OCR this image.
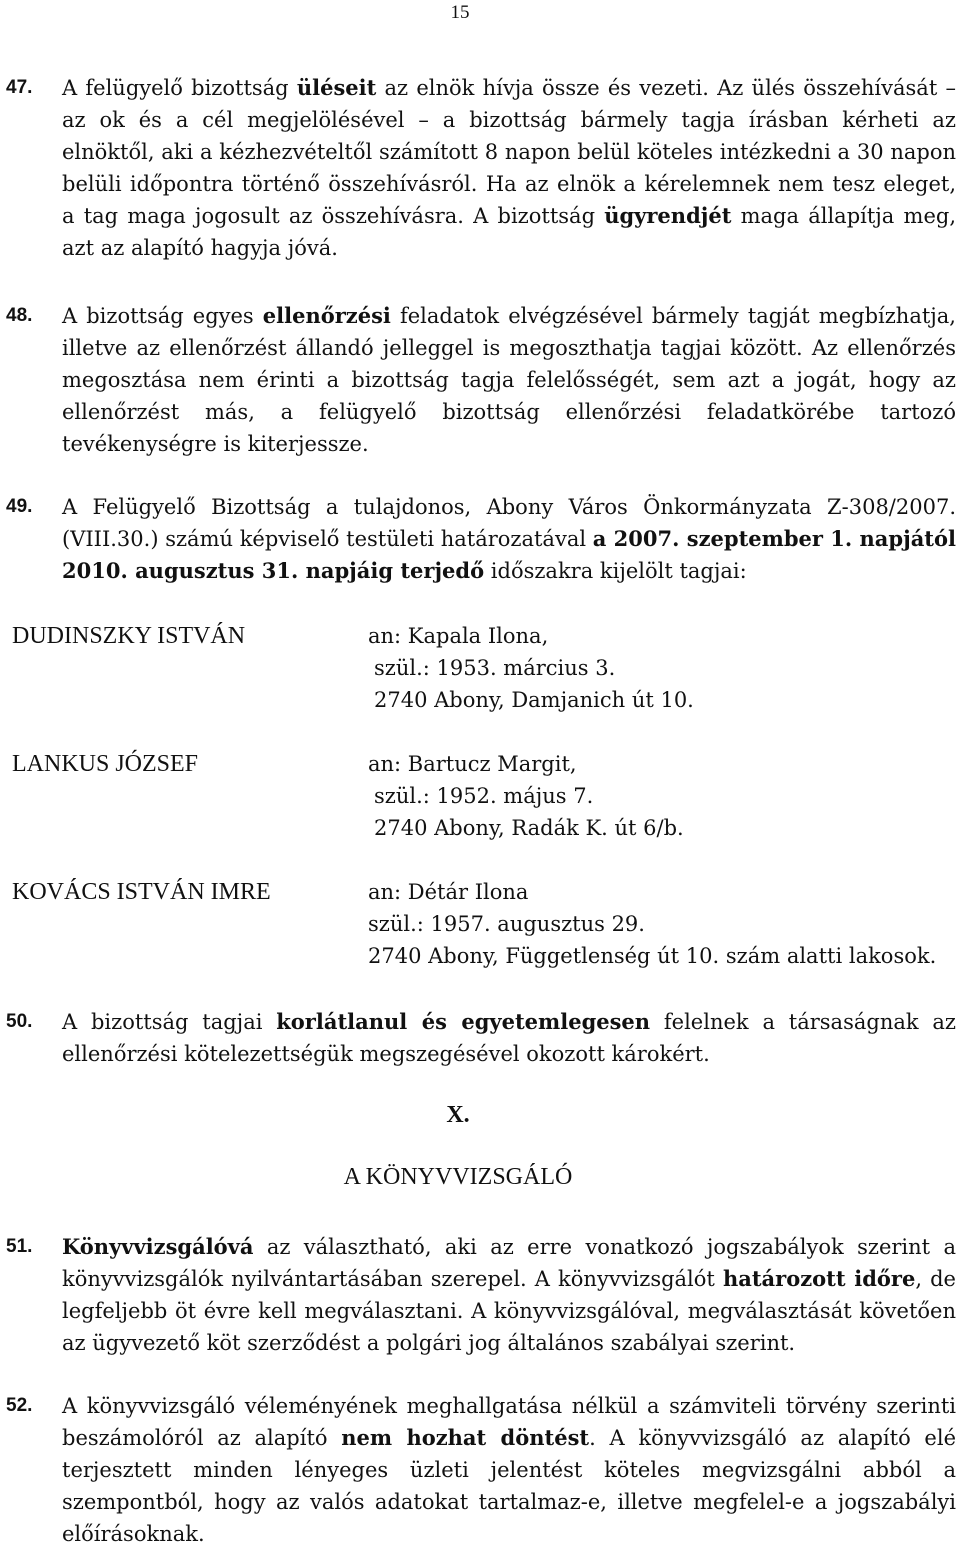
15
47. A felügyelő bizottság üléseit az elnök hívja össze és vezeti. Az ülés összehívását – az ok és a cél megjelölésével – a bizottság bármely tagja írásban kérheti az elnöktől, aki a kézhezvételtől számított 8 napon belül köteles intézkedni a 30 napon belüli időpontra történő összehívásról. Ha az elnök a kérelemnek nem tesz eleget, a tag maga jogosult az összehívásra. A bizottság ügyrendjét maga állapítja meg, azt az alapító hagyja jóvá.
48. A bizottság egyes ellenőrzési feladatok elvégzésével bármely tagját megbízhatja, illetve az ellenőrzést állandó jelleggel is megoszthatja tagjai között. Az ellenőrzés megosztása nem érinti a bizottság tagja felelősségét, sem azt a jogát, hogy az ellenőrzést más, a felügyelő bizottság ellenőrzési feladatkörébe tartozó tevékenységre is kiterjessze.
49. A Felügyelő Bizottság a tulajdonos, Abony Város Önkormányzata Z-308/2007. (VIII.30.) számú képviselő testületi határozatával a 2007. szeptember 1. napjától 2010. augusztus 31. napjáig terjedő időszakra kijelölt tagjai:
DUDINSZKY ISTVÁN	an: Kapala Ilona,
szül.: 1953. március 3.
2740 Abony, Damjanich út 10.
LANKUS JÓZSEF	an: Bartucz Margit,
szül.: 1952. május 7.
2740 Abony, Radák K. út 6/b.
KOVÁCS ISTVÁN IMRE	an: Détár Ilona
szül.: 1957. augusztus 29.
2740 Abony, Függetlenség út 10. szám alatti lakosok.
50. A bizottság tagjai korlátlanul és egyetemlegesen felelnek a társaságnak az ellenőrzési kötelezettségük megszegésével okozott károkért.
X.
A KÖNYVVIZSGÁLÓ
51. Könyvvizsgálóvá az választható, aki az erre vonatkozó jogszabályok szerint a könyvvizsgálók nyilvántartásában szerepel. A könyvvizsgálót határozott időre, de legfeljebb öt évre kell megválasztani. A könyvvizsgálóval, megválasztását követően az ügyvezető köt szerződést a polgári jog általános szabályai szerint.
52. A könyvvizsgáló véleményének meghallgatása nélkül a számviteli törvény szerinti beszámolóról az alapító nem hozhat döntést. A könyvvizsgáló az alapító elé terjesztett minden lényeges üzleti jelentést köteles megvizsgálni abból a szempontból, hogy az valós adatokat tartalmaz-e, illetve megfelel-e a jogszabályi előírásoknak.
